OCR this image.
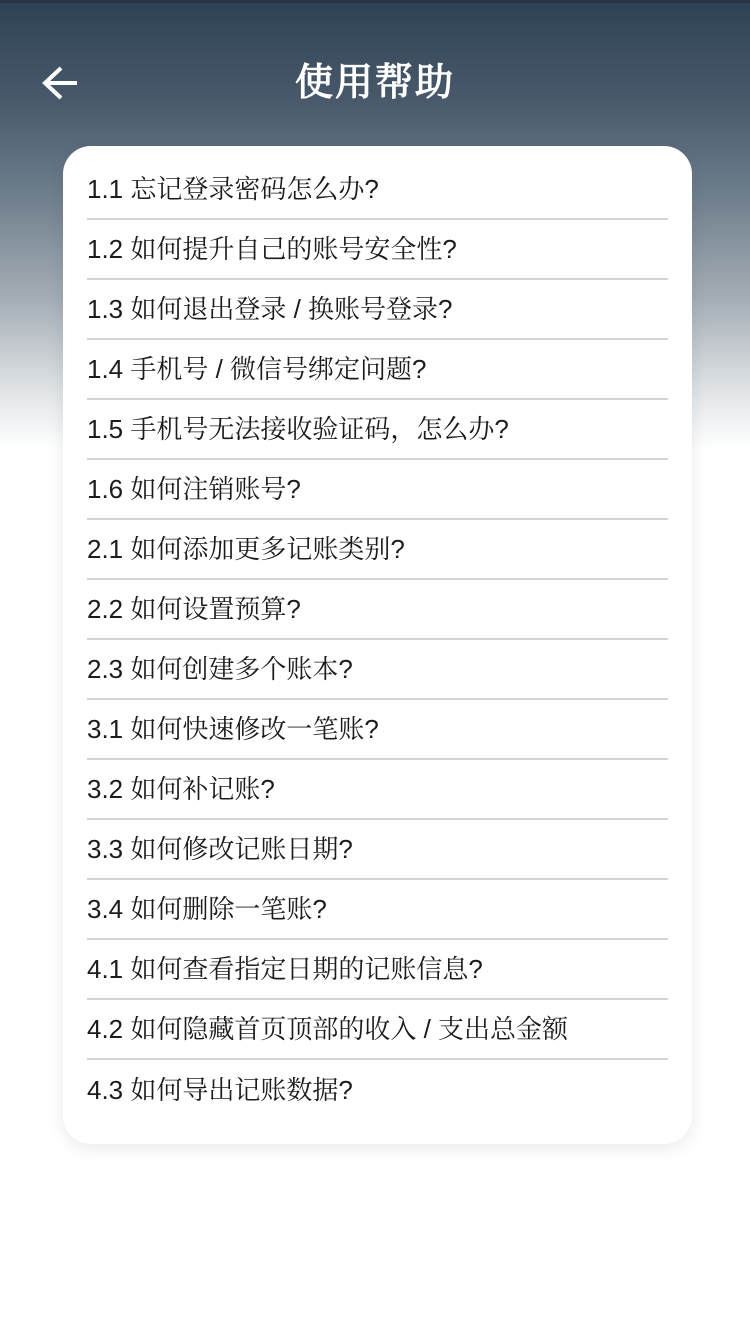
使用帮助
1.1 忘记登录密码怎么办?
1.2 如何提升自己的账号安全性?
1.3 如何退出登录 / 换账号登录?
1.4 手机号 / 微信号绑定问题?
1.5 手机号无法接收验证码，怎么办?
1.6 如何注销账号?
2.1 如何添加更多记账类别?
2.2 如何设置预算?
2.3 如何创建多个账本?
3.1 如何快速修改一笔账?
3.2 如何补记账?
3.3 如何修改记账日期?
3.4 如何删除一笔账?
4.1 如何查看指定日期的记账信息?
4.2 如何隐藏首页顶部的收入 / 支出总金额
4.3 如何导出记账数据?
